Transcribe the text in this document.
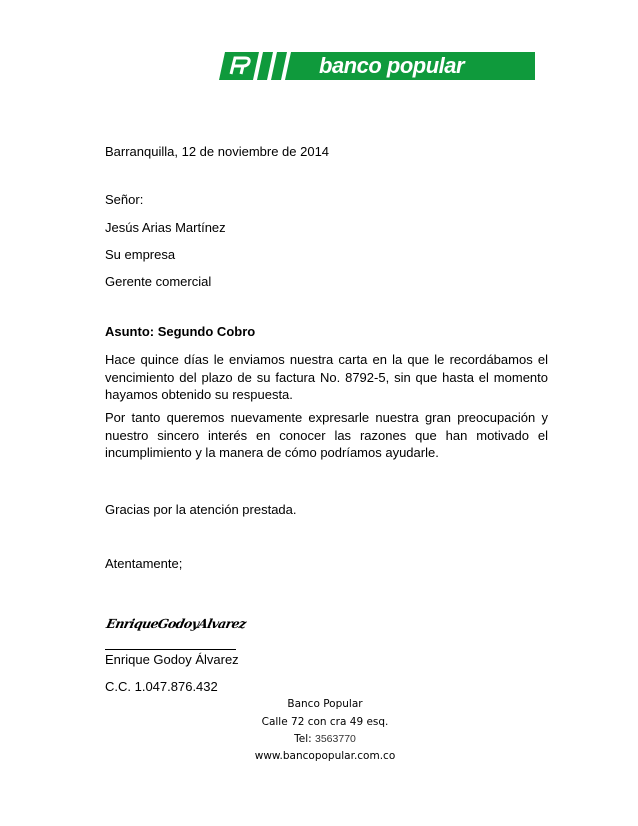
banco popular
Barranquilla, 12 de noviembre de 2014
Señor:
Jesús Arias Martínez
Su empresa
Gerente comercial
Asunto: Segundo Cobro
Hace quince días le enviamos nuestra carta en la que le recordábamos el vencimiento del plazo de su factura No. 8792-5, sin que hasta el momento hayamos obtenido su respuesta.
Por tanto queremos nuevamente expresarle nuestra gran preocupación y nuestro sincero interés en conocer las razones que han motivado el incumplimiento y la manera de cómo podríamos ayudarle.
Gracias por la atención prestada.
Atentamente;
EnriqueGodoyAlvarez
Enrique Godoy Álvarez
C.C. 1.047.876.432
Banco Popular
Calle 72 con cra 49 esq.
Tel: 3563770
www.bancopopular.com.co
